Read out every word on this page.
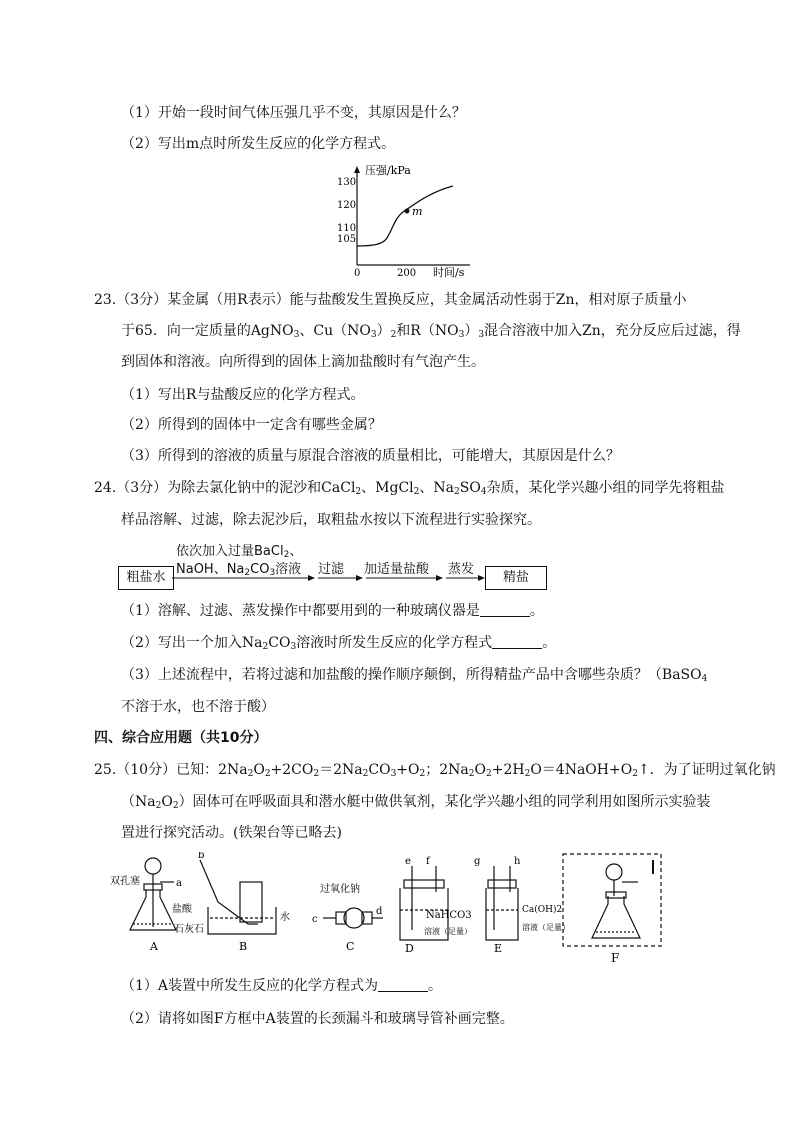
（1）开始一段时间气体压强几乎不变，其原因是什么？
（2）写出m点时所发生反应的化学方程式。
压强/kPa
130
120
110
105
0	200 时间/s
m
23.（3分）某金属（用R表示）能与盐酸发生置换反应，其金属活动性弱于Zn，相对原子质量小
于65．向一定质量的AgNO$_3$、$Cu(NO_3)_2$和$R(NO_3)_3$混合溶液中加入Zn，充分反应后过滤，得
到固体和溶液。向所得到的固体上滴加盐酸时有气泡产生。
（1）写出R与盐酸反应的化学方程式。
（2）所得到的固体中一定含有哪些金属？
（3）所得到的溶液的质量与原混合溶液的质量相比，可能增大，其原因是什么？
24.（3分）为除去氯化钠中的泥沙和CaCl$_2$、MgCl$_2$、$Na_2SO_4$杂质，某化学兴趣小组的同学先将粗盐
样品溶解、过滤，除去泥沙后，取粗盐水按以下流程进行实验探究。
粗盐水
依次加入过量BaCl$_2$、
NaOH、$Na_2CO_3$溶液 过滤 加适量盐酸 蒸发
精盐
（1）溶解、过滤、蒸发操作中都要用到的一种玻璃仪器是	。
（2）写出一个加入$Na_2CO_3$溶液时所发生反应的化学方程式	。
（3）上述流程中，若将过滤和加盐酸的操作顺序颠倒，所得精盐产品中含哪些杂质？（BaSO$_4$
不溶于水，也不溶于酸）
四、综合应用题（共10分）
25.（10分）已知：$2Na_2O_2+2CO_2=2Na_2CO_3+O_2$；$2Na_2O_2+2H_2O=4NaOH+O_2↑$．为了证明过氧化钠
$(Na_2O_2)$固体可在呼吸面具和潜水艇中做供氧剂，某化学兴趣小组的同学利用如图所示实验装
置进行探究活动。(铁架台等已略去)
双孔塞	a
盐酸
石灰石
A
b
水
B
过氧化钠
c
d
C
e f
NaHCO3
溶液（足量）
D
g	h
Ca(OH)2
溶液（足量）
E
F
（1）A装置中所发生反应的化学方程式为	。
（2）请将如图F方框中A装置的长颈漏斗和玻璃导管补画完整。
